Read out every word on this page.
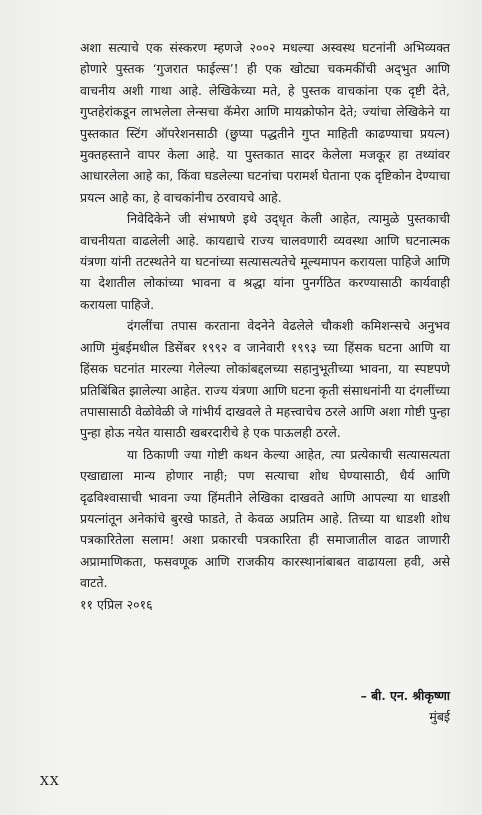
अशा सत्याचे एक संस्करण म्हणजे २००२ मधल्या अस्वस्थ घटनांनी अभिव्यक्त होणारे पुस्तक ‘गुजरात फाईल्स’! ही एक खोट्या चकमकींची अद्‌भुत आणि वाचनीय अशी गाथा आहे. लेखिकेच्या मते, हे पुस्तक वाचकांना एक दृष्टी देते, गुप्तहेरांकडून लाभलेला लेन्सचा कॅमेरा आणि मायक्रोफोन देते; ज्यांचा लेखिकेने या पुस्तकात स्टिंग ऑपरेशनसाठी (छुप्या पद्धतीने गुप्त माहिती काढण्याचा प्रयत्न) मुक्तहस्ताने वापर केला आहे. या पुस्तकात सादर केलेला मजकूर हा तथ्यांवर आधारलेला आहे का, किंवा घडलेल्या घटनांचा परामर्श घेताना एक दृष्टिकोन देण्याचा प्रयत्न आहे का, हे वाचकांनीच ठरवायचे आहे.

निवेदिकेने जी संभाषणे इथे उद्‌धृत केली आहेत, त्यामुळे पुस्तकाची वाचनीयता वाढलेली आहे. कायद्याचे राज्य चालवणारी व्यवस्था आणि घटनात्मक यंत्रणा यांनी तटस्थतेने या घटनांच्या सत्यासत्यतेचे मूल्यमापन करायला पाहिजे आणि या देशातील लोकांच्या भावना व श्रद्धा यांना पुनर्गठित करण्यासाठी कार्यवाही करायला पाहिजे.

दंगलींचा तपास करताना वेदनेने वेढलेले चौकशी कमिशन्सचे अनुभव आणि मुंबईमधील डिसेंबर १९९२ व जानेवारी १९९३ च्या हिंसक घटना आणि या हिंसक घटनांत मारल्या गेलेल्या लोकांबद्दलच्या सहानुभूतीच्या भावना, या स्पष्टपणे प्रतिबिंबित झालेल्या आहेत. राज्य यंत्रणा आणि घटना कृती संसाधनांनी या दंगलींच्या तपासासाठी वेळोवेळी जे गांभीर्य दाखवले ते महत्त्वाचेच ठरले आणि अशा गोष्टी पुन्हा पुन्हा होऊ नयेत यासाठी खबरदारीचे हे एक पाऊलही ठरले.

या ठिकाणी ज्या गोष्टी कथन केल्या आहेत, त्या प्रत्येकाची सत्यासत्यता एखाद्याला मान्य होणार नाही; पण सत्याचा शोध घेण्यासाठी, धैर्य आणि दृढविश्वासाची भावना ज्या हिंमतीने लेखिका दाखवते आणि आपल्या या धाडशी प्रयत्नांतून अनेकांचे बुरखे फाडते, ते केवळ अप्रतिम आहे. तिच्या या धाडशी शोध पत्रकारितेला सलाम! अशा प्रकारची पत्रकारिता ही समाजातील वाढत जाणारी अप्रामाणिकता, फसवणूक आणि राजकीय कारस्थानांबाबत वाढायला हवी, असे वाटते.

११ एप्रिल २०१६

– बी. एन. श्रीकृष्णा
मुंबई
XX
